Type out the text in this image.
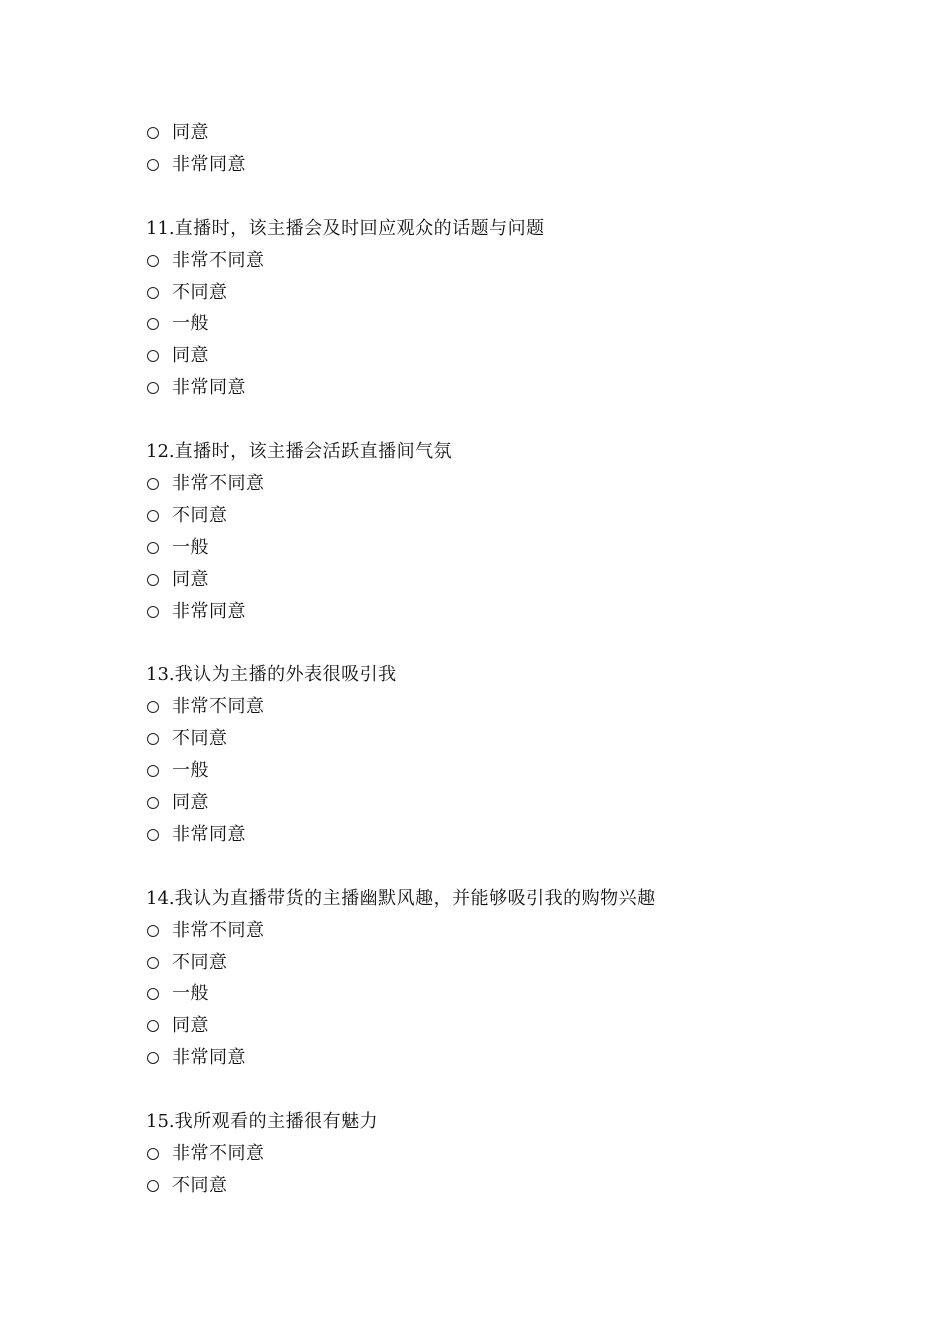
同意
非常同意
11. 直播时，该主播会及时回应观众的话题与问题
非常不同意
不同意
一般
同意
非常同意
12. 直播时，该主播会活跃直播间气氛
非常不同意
不同意
一般
同意
非常同意
13. 我认为主播的外表很吸引我
非常不同意
不同意
一般
同意
非常同意
14. 我认为直播带货的主播幽默风趣，并能够吸引我的购物兴趣
非常不同意
不同意
一般
同意
非常同意
15. 我所观看的主播很有魅力
非常不同意
不同意
